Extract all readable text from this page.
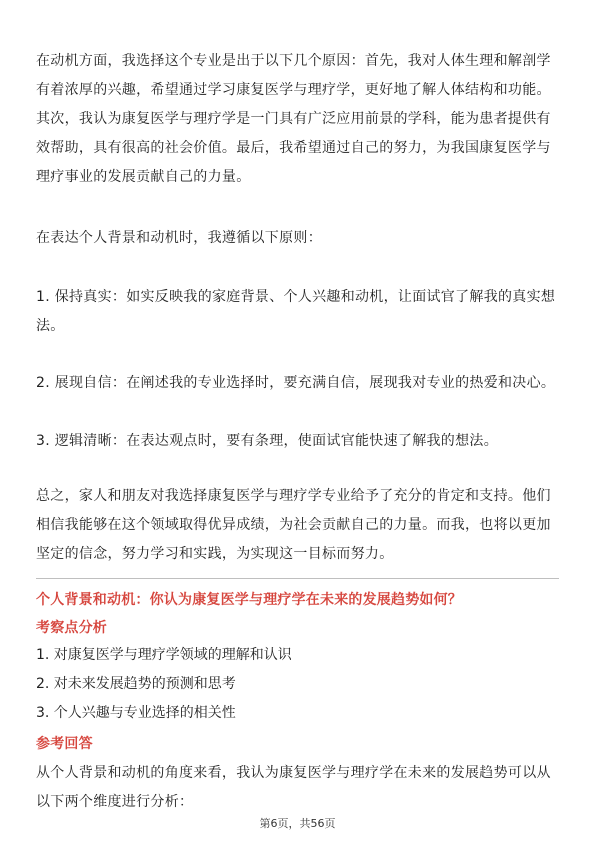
在动机方面，我选择这个专业是出于以下几个原因：首先，我对人体生理和解剖学有着浓厚的兴趣，希望通过学习康复医学与理疗学，更好地了解人体结构和功能。其次，我认为康复医学与理疗学是一门具有广泛应用前景的学科，能为患者提供有效帮助，具有很高的社会价值。最后，我希望通过自己的努力，为我国康复医学与理疗事业的发展贡献自己的力量。

在表达个人背景和动机时，我遵循以下原则：

1. 保持真实：如实反映我的家庭背景、个人兴趣和动机，让面试官了解我的真实想法。

2. 展现自信：在阐述我的专业选择时，要充满自信，展现我对专业的热爱和决心。

3. 逻辑清晰：在表达观点时，要有条理，使面试官能快速了解我的想法。

总之，家人和朋友对我选择康复医学与理疗学专业给予了充分的肯定和支持。他们相信我能够在这个领域取得优异成绩，为社会贡献自己的力量。而我，也将以更加坚定的信念，努力学习和实践，为实现这一目标而努力。

个人背景和动机：你认为康复医学与理疗学在未来的发展趋势如何？

考察点分析

1. 对康复医学与理疗学领域的理解和认识

2. 对未来发展趋势的预测和思考

3. 个人兴趣与专业选择的相关性

参考回答

从个人背景和动机的角度来看，我认为康复医学与理疗学在未来的发展趋势可以从以下两个维度进行分析：

第6页，共56页
